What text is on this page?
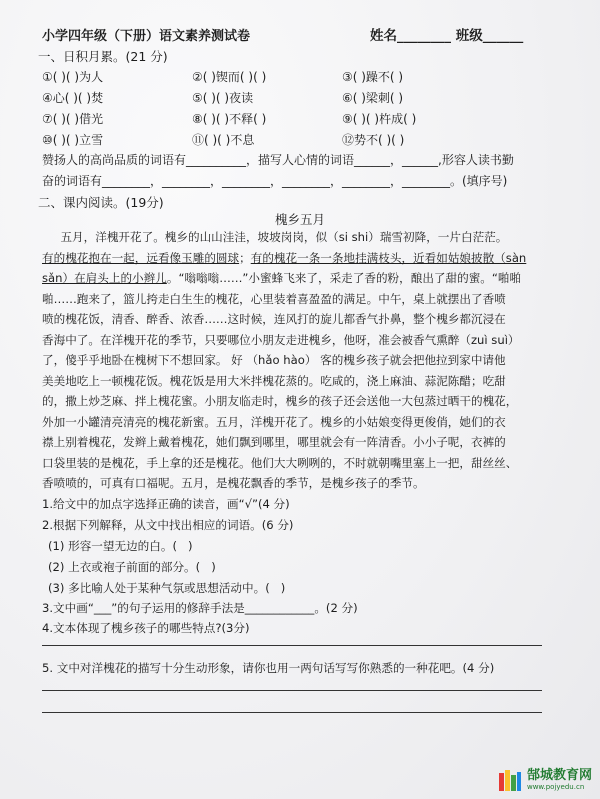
小学四年级（下册）语文素养测试卷	姓名________ 班级______
一、日积月累。(21 分)
①( )( )为人	②( )锲而( )( )	③( )躁不( )
④心( )( )焚	⑤( )( )夜读	⑥( )梁刺( )
⑦( )( )借光	⑧( )( )不释( )	⑨( )( )杵成( )
⑩( )( )立雪	⑪( )( )不息	⑫势不( )( )
赞扬人的高尚品质的词语有__________，描写人心情的词语______，______,形容人读书勤
奋的词语有________，________，________，________，________，________。(填序号)
二、课内阅读。(19分)
槐乡五月

五月，洋槐开花了。槐乡的山山洼洼，坡坡岗岗，似（si shi）瑞雪初降，一片白茫茫。

有的槐花抱在一起，远看像玉雕的圆球；有的槐花一条一条地挂满枝头，近看如姑娘披散（sàn

sǎn）在肩头上的小辫儿。“嗡嗡嗡……”小蜜蜂飞来了，采走了香的粉，酿出了甜的蜜。“啪啪

啪……跑来了，篮儿挎走白生生的槐花，心里装着喜盈盈的满足。中午，桌上就摆出了香喷

喷的槐花饭，清香、醉香、浓香……这时候，连风打的旋儿都香气扑鼻，整个槐乡都沉浸在

香海中了。在洋槐开花的季节，只要哪位小朋友走进槐乡，他呀，准会被香气熏醉（zuì suì）

了，傻乎乎地卧在槐树下不想回家。 好 （hǎo hào） 客的槐乡孩子就会把他拉到家中请他

美美地吃上一顿槐花饭。槐花饭是用大米拌槐花蒸的。吃咸的，浇上麻油、蒜泥陈醋；吃甜

的，撒上炒芝麻、拌上槐花蜜。小朋友临走时，槐乡的孩子还会送他一大包蒸过晒干的槐花，

外加一小罐清亮清亮的槐花新蜜。五月，洋槐开花了。槐乡的小姑娘变得更俊俏，她们的衣

襟上别着槐花，发辫上戴着槐花，她们飘到哪里，哪里就会有一阵清香。小小子呢，衣裤的

口袋里装的是槐花，手上拿的还是槐花。他们大大咧咧的，不时就朝嘴里塞上一把，甜丝丝、

香喷喷的，可真有口福呢。五月，是槐花飘香的季节，是槐乡孩子的季节。

1.给文中的加点字选择正确的读音，画“√”(4 分)
2.根据下列解释，从文中找出相应的词语。(6 分)
(1) 形容一望无边的白。(   )
(2) 上衣或袍子前面的部分。(   )
(3) 多比喻人处于某种气氛或思想活动中。(   )
3.文中画“___”的句子运用的修辞手法是____________。(2 分)
4.文本体现了槐乡孩子的哪些特点?(3分)
5. 文中对洋槐花的描写十分生动形象，请你也用一两句话写写你熟悉的一种花吧。(4 分)
郜城教育网
www.pojyedu.cn
